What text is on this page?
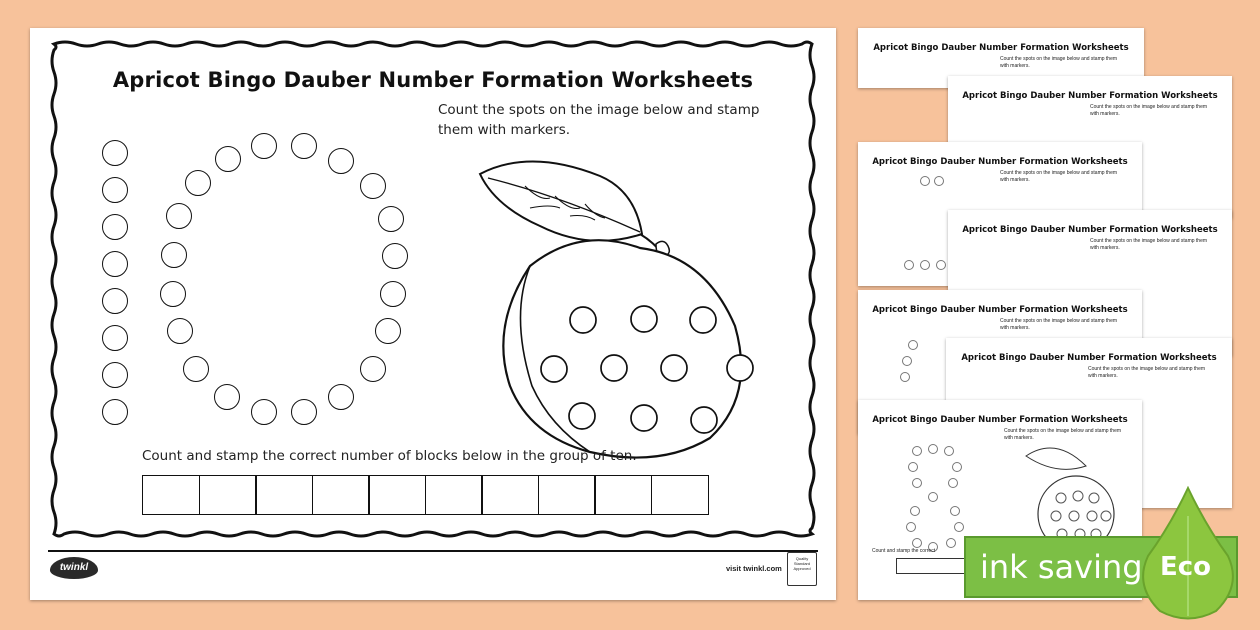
Apricot Bingo Dauber Number Formation Worksheets
Count the spots on the image below and stamp them with markers.
Apricot Bingo Dauber Number Formation Worksheets
Count the spots on the image below and stamp them with markers.
Apricot Bingo Dauber Number Formation Worksheets
Count the spots on the image below and stamp them with markers.
Apricot Bingo Dauber Number Formation Worksheets
Count the spots on the image below and stamp them with markers.
Apricot Bingo Dauber Number Formation Worksheets
Count the spots on the image below and stamp them with markers.
Apricot Bingo Dauber Number Formation Worksheets
Count the spots on the image below and stamp them with markers.
Apricot Bingo Dauber Number Formation Worksheets
Count the spots on the image below and stamp them with markers.
Count and stamp the correct
Apricot Bingo Dauber Number Formation Worksheets
Count the spots on the image below and stamp them with markers.
Count and stamp the correct number of blocks below in the group of ten.
twinkl	visit twinkl.com
Quality Standard Approved	ink saving Eco
